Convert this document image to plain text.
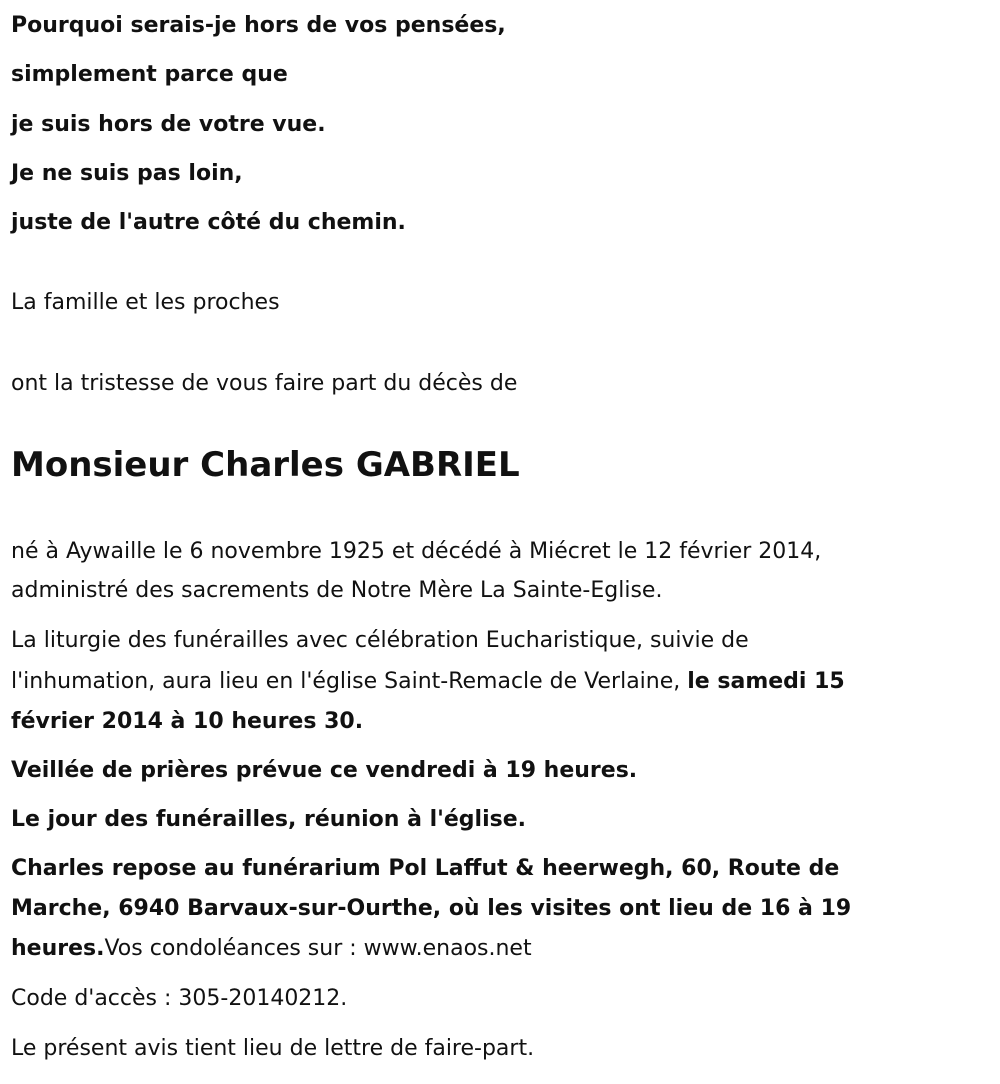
Pourquoi serais-je hors de vos pensées,
simplement parce que
je suis hors de votre vue.
Je ne suis pas loin,
juste de l'autre côté du chemin.
La famille et les proches
ont la tristesse de vous faire part du décès de
Monsieur Charles GABRIEL
né à Aywaille le 6 novembre 1925 et décédé à Miécret le 12 février 2014,
administré des sacrements de Notre Mère La Sainte-Eglise.
La liturgie des funérailles avec célébration Eucharistique, suivie de
l'inhumation, aura lieu en l'église Saint-Remacle de Verlaine, le samedi 15
février 2014 à 10 heures 30.
Veillée de prières prévue ce vendredi à 19 heures.
Le jour des funérailles, réunion à l'église.
Charles repose au funérarium Pol Laffut & heerwegh, 60, Route de
Marche, 6940 Barvaux-sur-Ourthe, où les visites ont lieu de 16 à 19
heures.Vos condoléances sur : www.enaos.net
Code d'accès : 305-20140212.
Le présent avis tient lieu de lettre de faire-part.
